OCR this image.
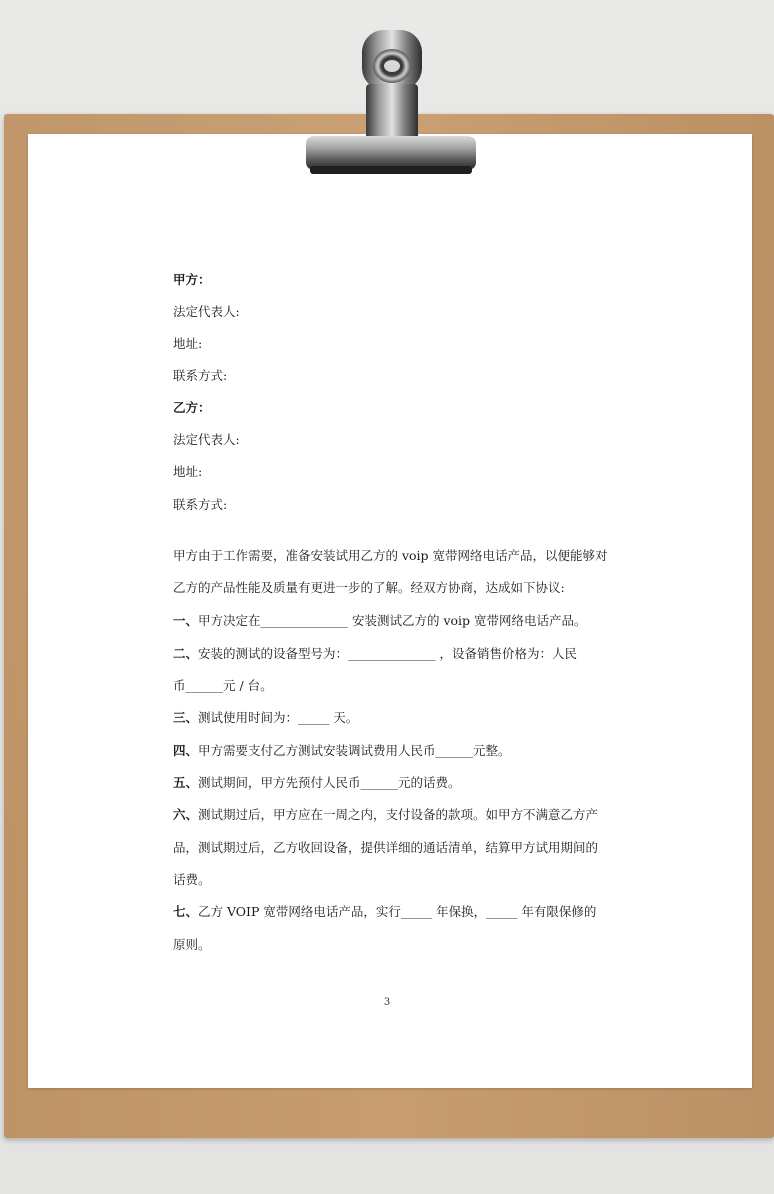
甲方：
法定代表人:
地址:
联系方式:
乙方：
法定代表人:
地址:
联系方式:
甲方由于工作需要，准备安装试用乙方的 voip 宽带网络电话产品，以便能够对
乙方的产品性能及质量有更进一步的了解。经双方协商，达成如下协议:
一、甲方决定在______________ 安装测试乙方的 voip 宽带网络电话产品。
二、安装的测试的设备型号为：______________ ，设备销售价格为：人民
币______元 / 台。
三、测试使用时间为：_____ 天。
四、甲方需要支付乙方测试安装调试费用人民币______元整。
五、测试期间，甲方先预付人民币______元的话费。
六、测试期过后，甲方应在一周之内，支付设备的款项。如甲方不满意乙方产
品，测试期过后，乙方收回设备，提供详细的通话清单，结算甲方试用期间的
话费。
七、乙方 VOIP 宽带网络电话产品，实行_____ 年保换，_____ 年有限保修的
原则。
3
